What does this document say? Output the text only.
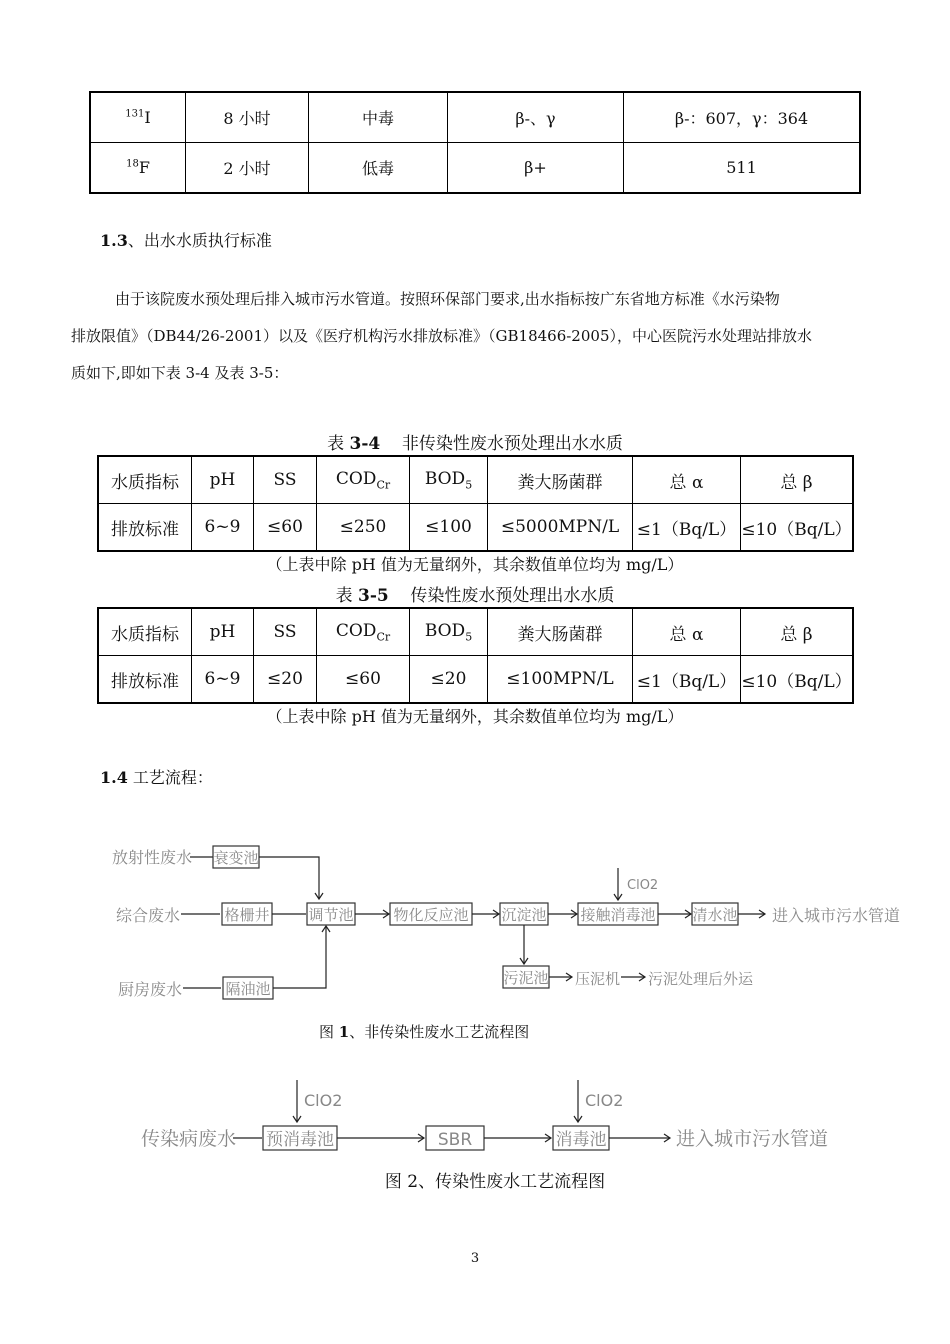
$^{131}$I	8 小时	中毒	β-、γ	β-：607，γ：364
$^{18}$F	2 小时	低毒	β+	511
1.3、出水水质执行标准
由于该院废水预处理后排入城市污水管道。按照环保部门要求,出水指标按广东省地方标准《水污染物
排放限值》（DB44/26-2001）以及《医疗机构污水排放标准》（GB18466-2005），中心医院污水处理站排放水
质如下,即如下表 3-4 及表 3-5：
表 3-4 非传染性废水预处理出水水质
水质指标	pH	SS	$COD_{Cr}$	$BOD_5$	粪大肠菌群	总 α	总 β
排放标准	6~9	≤60	≤250	≤100	≤5000MPN/L	≤1（Bq/L）	≤10（Bq/L）
（上表中除 pH 值为无量纲外，其余数值单位均为 mg/L）
表 3-5 传染性废水预处理出水水质
水质指标	pH	SS	$COD_{Cr}$	$BOD_5$	粪大肠菌群	总 α	总 β
排放标准	6~9	≤20	≤60	≤20	≤100MPN/L	≤1（Bq/L）	≤10（Bq/L）
（上表中除 pH 值为无量纲外，其余数值单位均为 mg/L）
1.4 工艺流程：
放射性废水
综合废水
厨房废水
衰变池
格栅井
隔油池
调节池	物化反应池 沉淀池 接触消毒池 清水池 进入城市污水管道
ClO2
污泥池 压泥机 污泥处理后外运
图 1、非传染性废水工艺流程图
传染病废水 预消毒池	SBR	消毒池	进入城市污水管道
ClO2	ClO2
图 2、传染性废水工艺流程图
3
